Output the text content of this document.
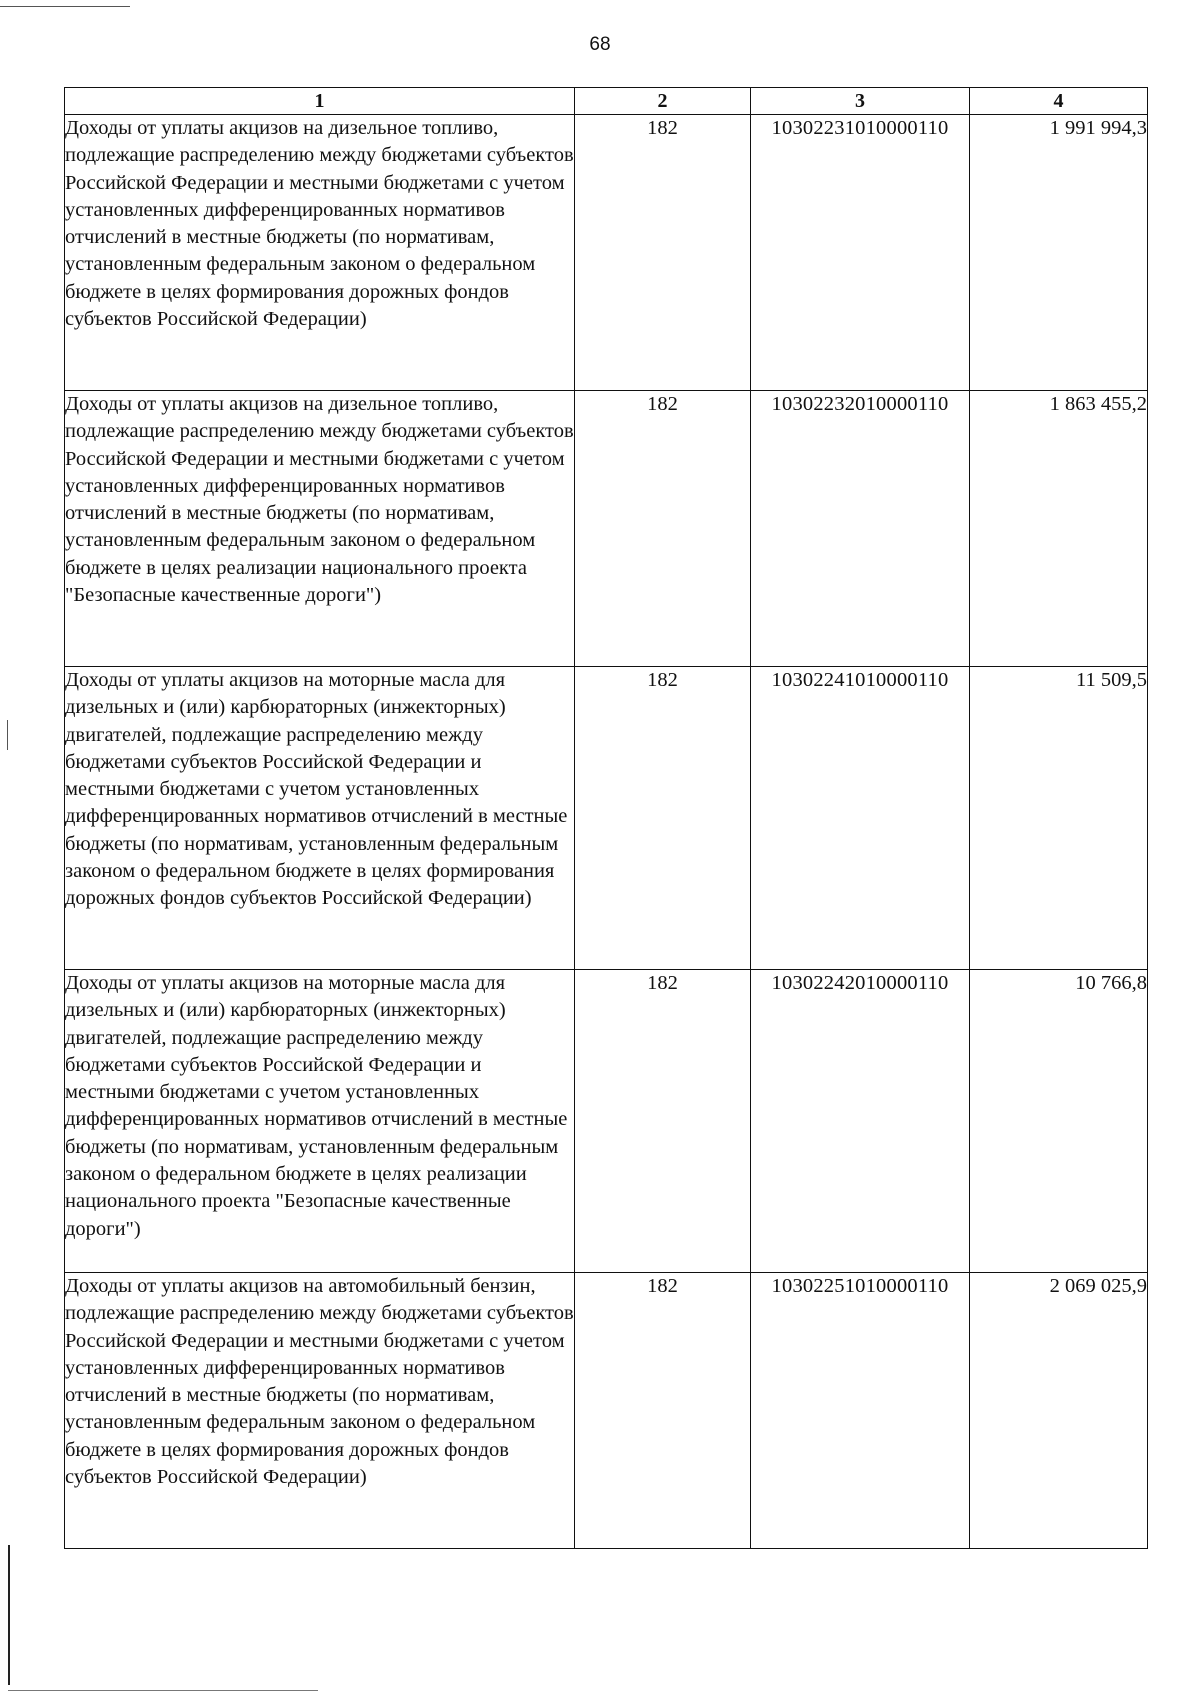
68
1	2	3	4
Доходы от уплаты акцизов на дизельное топливо, подлежащие распределению между бюджетами субъектов Российской Федерации и местными бюджетами с учетом установленных дифференцированных нормативов отчислений в местные бюджеты (по нормативам, установленным федеральным законом о федеральном бюджете в целях формирования дорожных фондов субъектов Российской Федерации)	182	10302231010000110	1 991 994,3
Доходы от уплаты акцизов на дизельное топливо, подлежащие распределению между бюджетами субъектов Российской Федерации и местными бюджетами с учетом установленных дифференцированных нормативов отчислений в местные бюджеты (по нормативам, установленным федеральным законом о федеральном бюджете в целях реализации национального проекта "Безопасные качественные дороги")	182	10302232010000110	1 863 455,2
Доходы от уплаты акцизов на моторные масла для дизельных и (или) карбюраторных (инжекторных) двигателей, подлежащие распределению между бюджетами субъектов Российской Федерации и местными бюджетами с учетом установленных дифференцированных нормативов отчислений в местные бюджеты (по нормативам, установленным федеральным законом о федеральном бюджете в целях формирования дорожных фондов субъектов Российской Федерации)	182	10302241010000110	11 509,5
Доходы от уплаты акцизов на моторные масла для дизельных и (или) карбюраторных (инжекторных) двигателей, подлежащие распределению между бюджетами субъектов Российской Федерации и местными бюджетами с учетом установленных дифференцированных нормативов отчислений в местные бюджеты (по нормативам, установленным федеральным законом о федеральном бюджете в целях реализации национального проекта "Безопасные качественные дороги")	182	10302242010000110	10 766,8
Доходы от уплаты акцизов на автомобильный бензин, подлежащие распределению между бюджетами субъектов Российской Федерации и местными бюджетами с учетом установленных дифференцированных нормативов отчислений в местные бюджеты (по нормативам, установленным федеральным законом о федеральном бюджете в целях формирования дорожных фондов субъектов Российской Федерации)	182	10302251010000110	2 069 025,9
